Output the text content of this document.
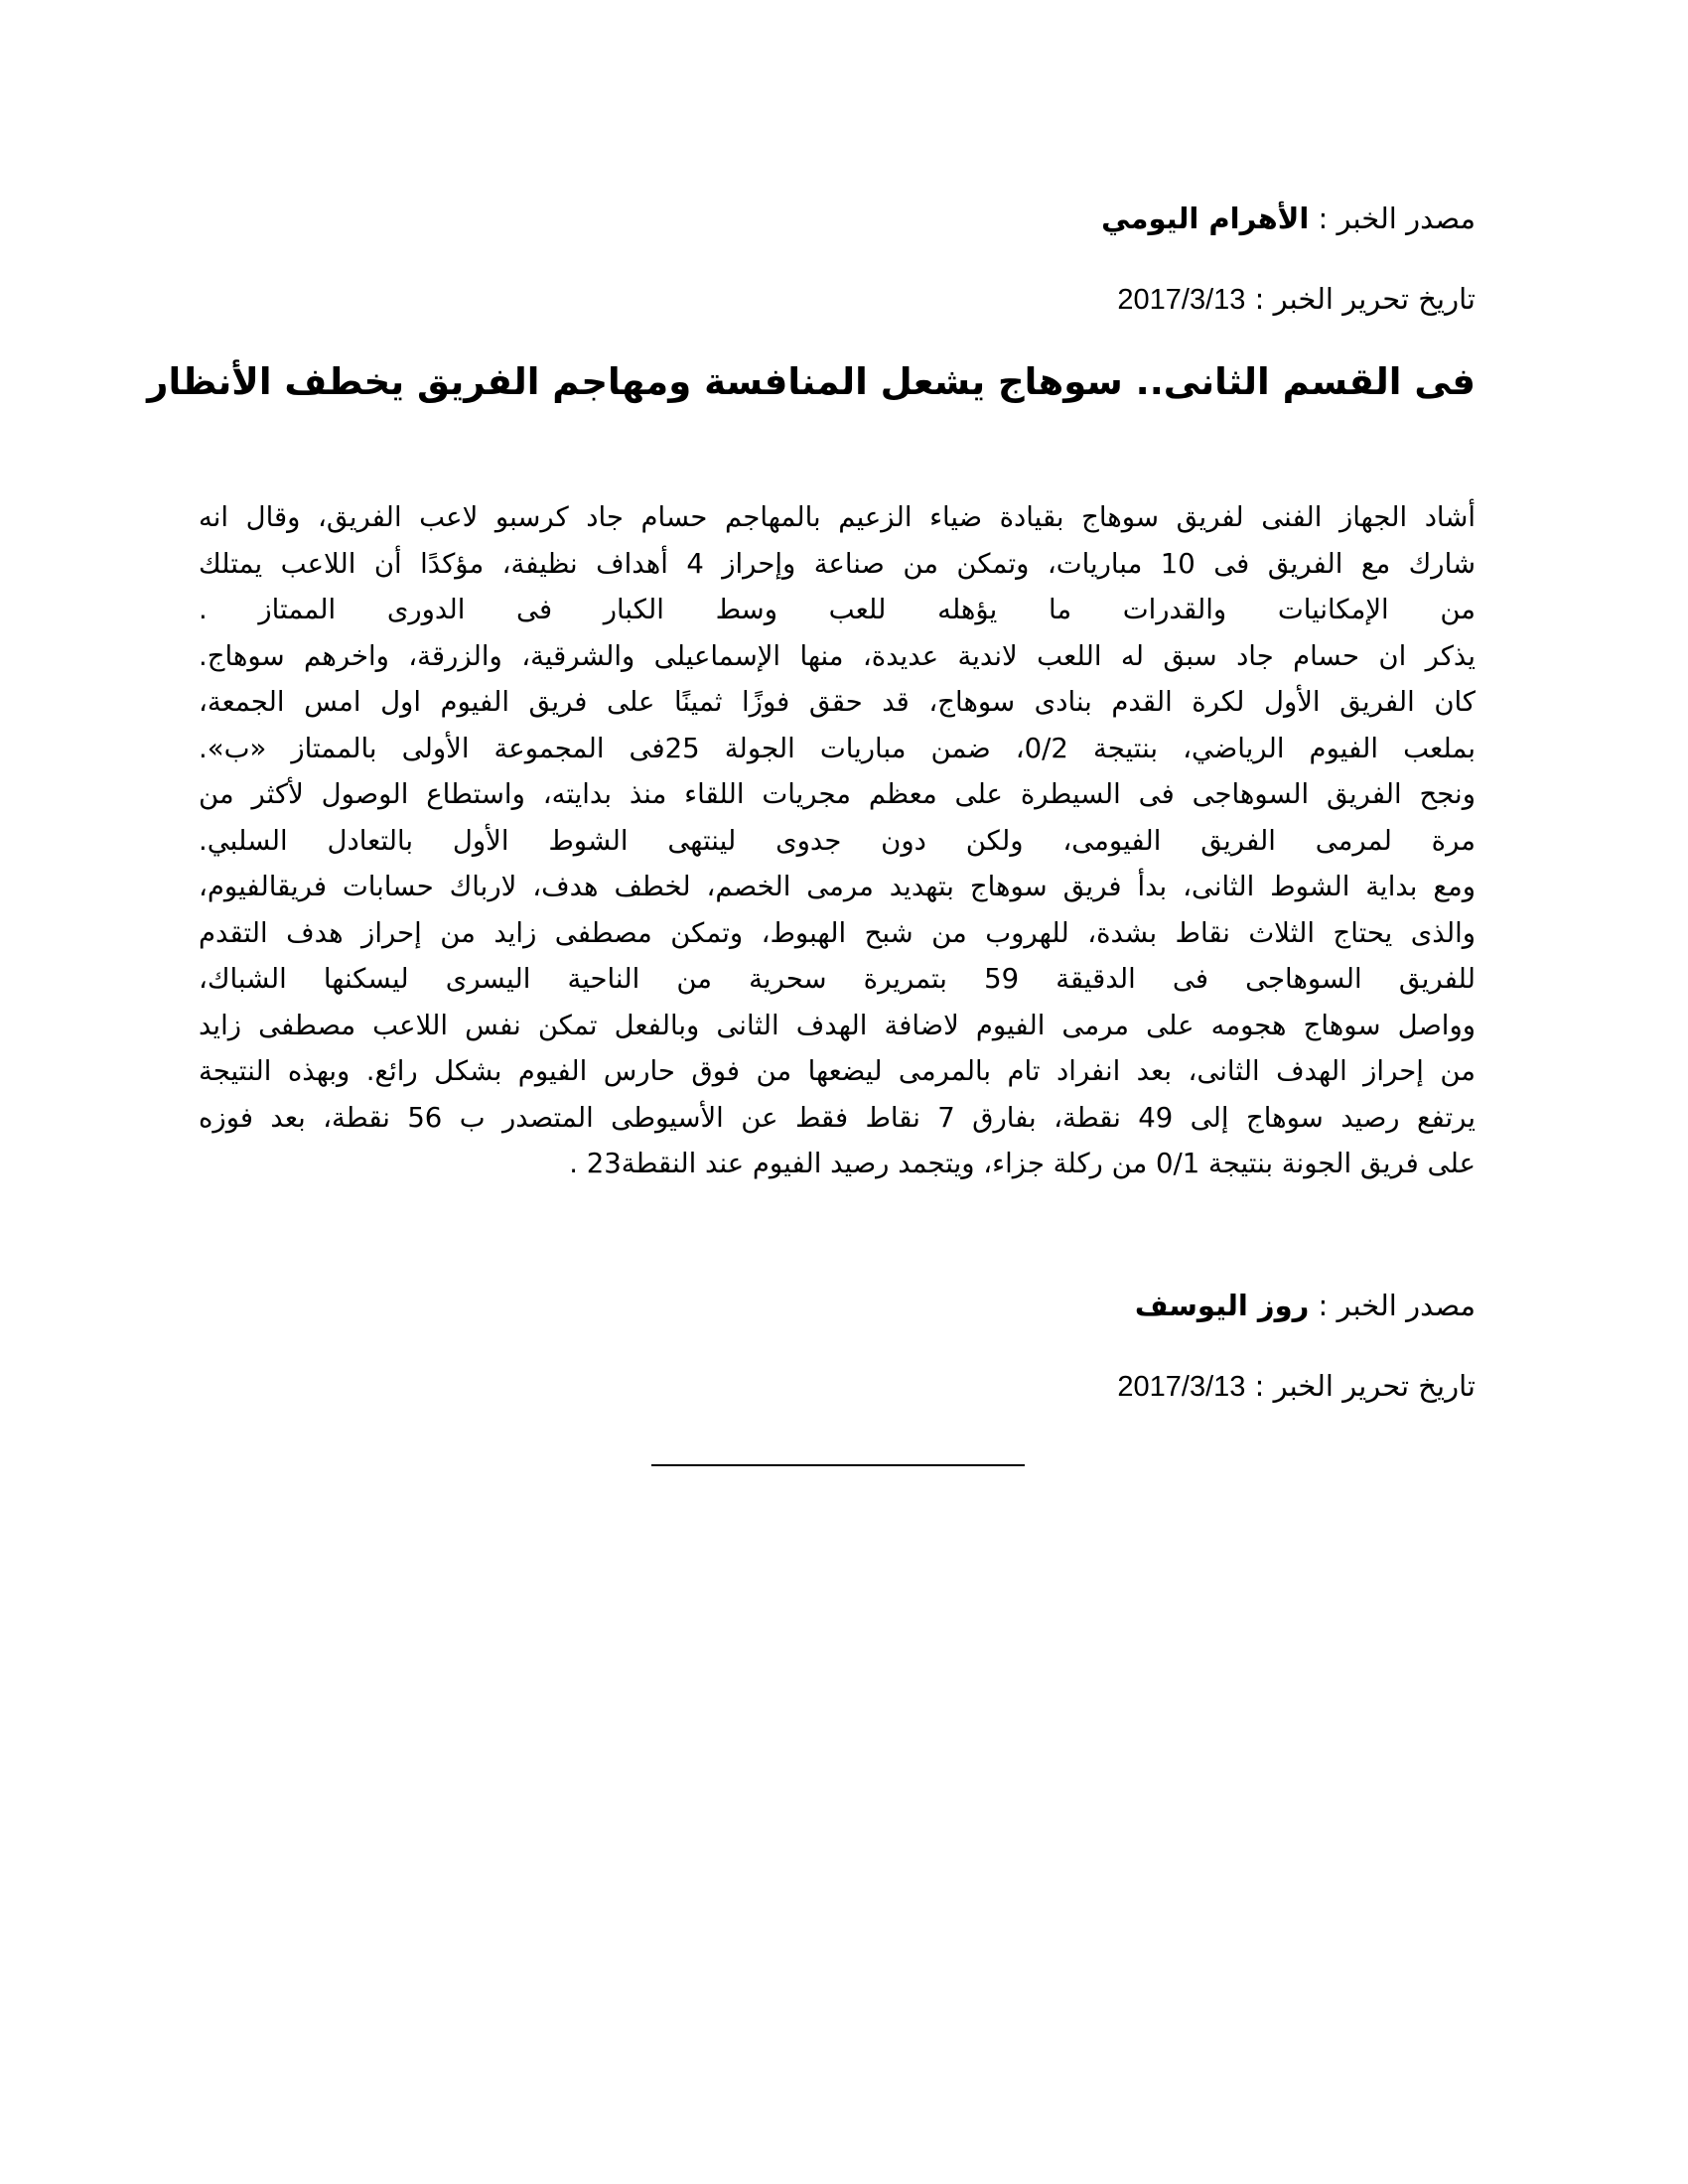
مصدر الخبر : الأهرام اليومي
تاريخ تحرير الخبر : 2017/3/13
فى القسم الثانى.. سوهاج يشعل المنافسة ومهاجم الفريق يخطف الأنظار
أشاد الجهاز الفنى لفريق سوهاج بقيادة ضياء الزعيم بالمهاجم حسام جاد كرسبو لاعب الفريق، وقال انه
شارك مع الفريق فى 10 مباريات، وتمكن من صناعة وإحراز 4 أهداف نظيفة، مؤكدًا أن اللاعب يمتلك
من الإمكانيات والقدرات ما يؤهله للعب وسط الكبار فى الدورى الممتاز .
يذكر ان حسام جاد سبق له اللعب لاندية عديدة، منها الإسماعيلى والشرقية، والزرقة، واخرهم سوهاج.
كان الفريق الأول لكرة القدم بنادى سوهاج، قد حقق فوزًا ثمينًا على فريق الفيوم اول امس الجمعة،
بملعب الفيوم الرياضي، بنتيجة 0/2، ضمن مباريات الجولة 25فى المجموعة الأولى بالممتاز «ب».
ونجح الفريق السوهاجى فى السيطرة على معظم مجريات اللقاء منذ بدايته، واستطاع الوصول لأكثر من
مرة لمرمى الفريق الفيومى، ولكن دون جدوى لينتهى الشوط الأول بالتعادل السلبي.
ومع بداية الشوط الثانى، بدأ فريق سوهاج بتهديد مرمى الخصم، لخطف هدف، لارباك حسابات فريقالفيوم،
والذى يحتاج الثلاث نقاط بشدة، للهروب من شبح الهبوط، وتمكن مصطفى زايد من إحراز هدف التقدم
للفريق السوهاجى فى الدقيقة 59 بتمريرة سحرية من الناحية اليسرى ليسكنها الشباك،
وواصل سوهاج هجومه على مرمى الفيوم لاضافة الهدف الثانى وبالفعل تمكن نفس اللاعب مصطفى زايد
من إحراز الهدف الثانى، بعد انفراد تام بالمرمى ليضعها من فوق حارس الفيوم بشكل رائع. وبهذه النتيجة
يرتفع رصيد سوهاج إلى 49 نقطة، بفارق 7 نقاط فقط عن الأسيوطى المتصدر ب 56 نقطة، بعد فوزه
على فريق الجونة بنتيجة 0/1 من ركلة جزاء، ويتجمد رصيد الفيوم عند النقطة23 .
مصدر الخبر : روز اليوسف
تاريخ تحرير الخبر : 2017/3/13
